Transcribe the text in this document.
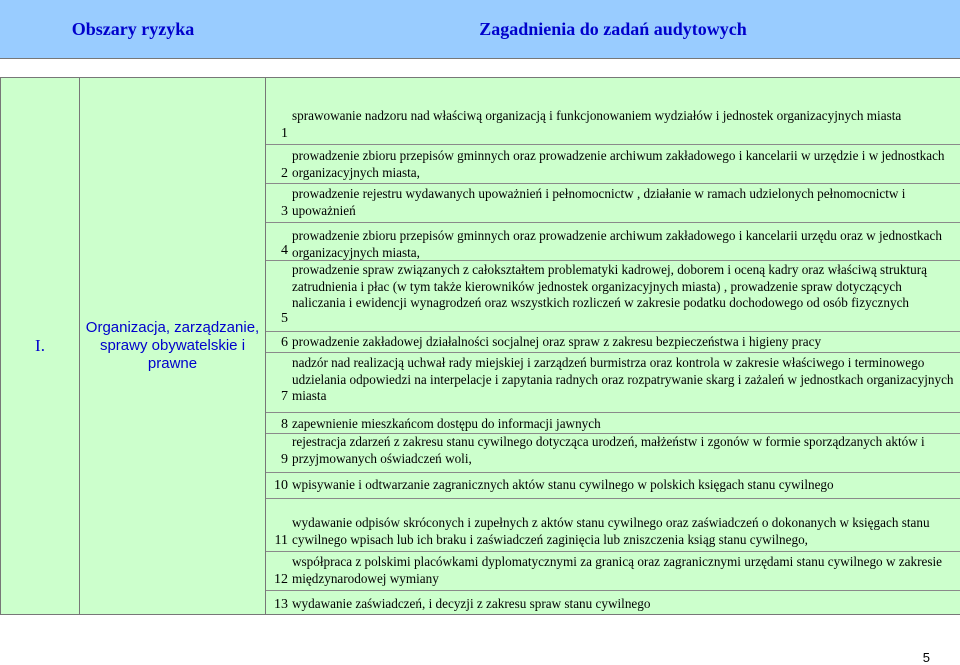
Obszary ryzyka	Zagadnienia do zadań audytowych
I.
Organizacja, zarządzanie, sprawy obywatelskie i prawne
1
sprawowanie nadzoru nad właściwą organizacją i funkcjonowaniem wydziałów i jednostek organizacyjnych miasta
2
prowadzenie zbioru przepisów gminnych oraz prowadzenie archiwum zakładowego i kancelarii w urzędzie i w jednostkach organizacyjnych miasta,
3
prowadzenie rejestru wydawanych upoważnień i pełnomocnictw , działanie w ramach udzielonych pełnomocnictw i upoważnień
4
prowadzenie zbioru przepisów gminnych oraz prowadzenie archiwum zakładowego i kancelarii urzędu oraz w jednostkach organizacyjnych miasta,
5
prowadzenie spraw związanych z całokształtem problematyki kadrowej, doborem i oceną kadry oraz właściwą strukturą zatrudnienia i płac (w tym także kierowników jednostek organizacyjnych miasta) , prowadzenie spraw dotyczących naliczania i ewidencji wynagrodzeń oraz wszystkich rozliczeń w zakresie podatku dochodowego od osób fizycznych
6 prowadzenie zakładowej działalności socjalnej oraz spraw z zakresu bezpieczeństwa i higieny pracy
7
nadzór nad realizacją uchwał rady miejskiej i zarządzeń burmistrza oraz kontrola w zakresie właściwego i terminowego udzielania odpowiedzi na interpelacje i zapytania radnych oraz rozpatrywanie skarg i zażaleń w jednostkach organizacyjnych miasta
8 zapewnienie mieszkańcom dostępu do informacji jawnych
9
rejestracja zdarzeń z zakresu stanu cywilnego dotycząca urodzeń, małżeństw i zgonów w formie sporządzanych aktów i przyjmowanych oświadczeń woli,
10 wpisywanie i odtwarzanie zagranicznych aktów stanu cywilnego w polskich księgach stanu cywilnego
11
wydawanie odpisów skróconych i zupełnych z aktów stanu cywilnego oraz zaświadczeń o dokonanych w księgach stanu cywilnego wpisach lub ich braku i zaświadczeń zaginięcia lub zniszczenia ksiąg stanu cywilnego,
12
współpraca z polskimi placówkami dyplomatycznymi za granicą oraz zagranicznymi urzędami stanu cywilnego w zakresie międzynarodowej wymiany
13 wydawanie zaświadczeń, i decyzji z zakresu spraw stanu cywilnego
5
